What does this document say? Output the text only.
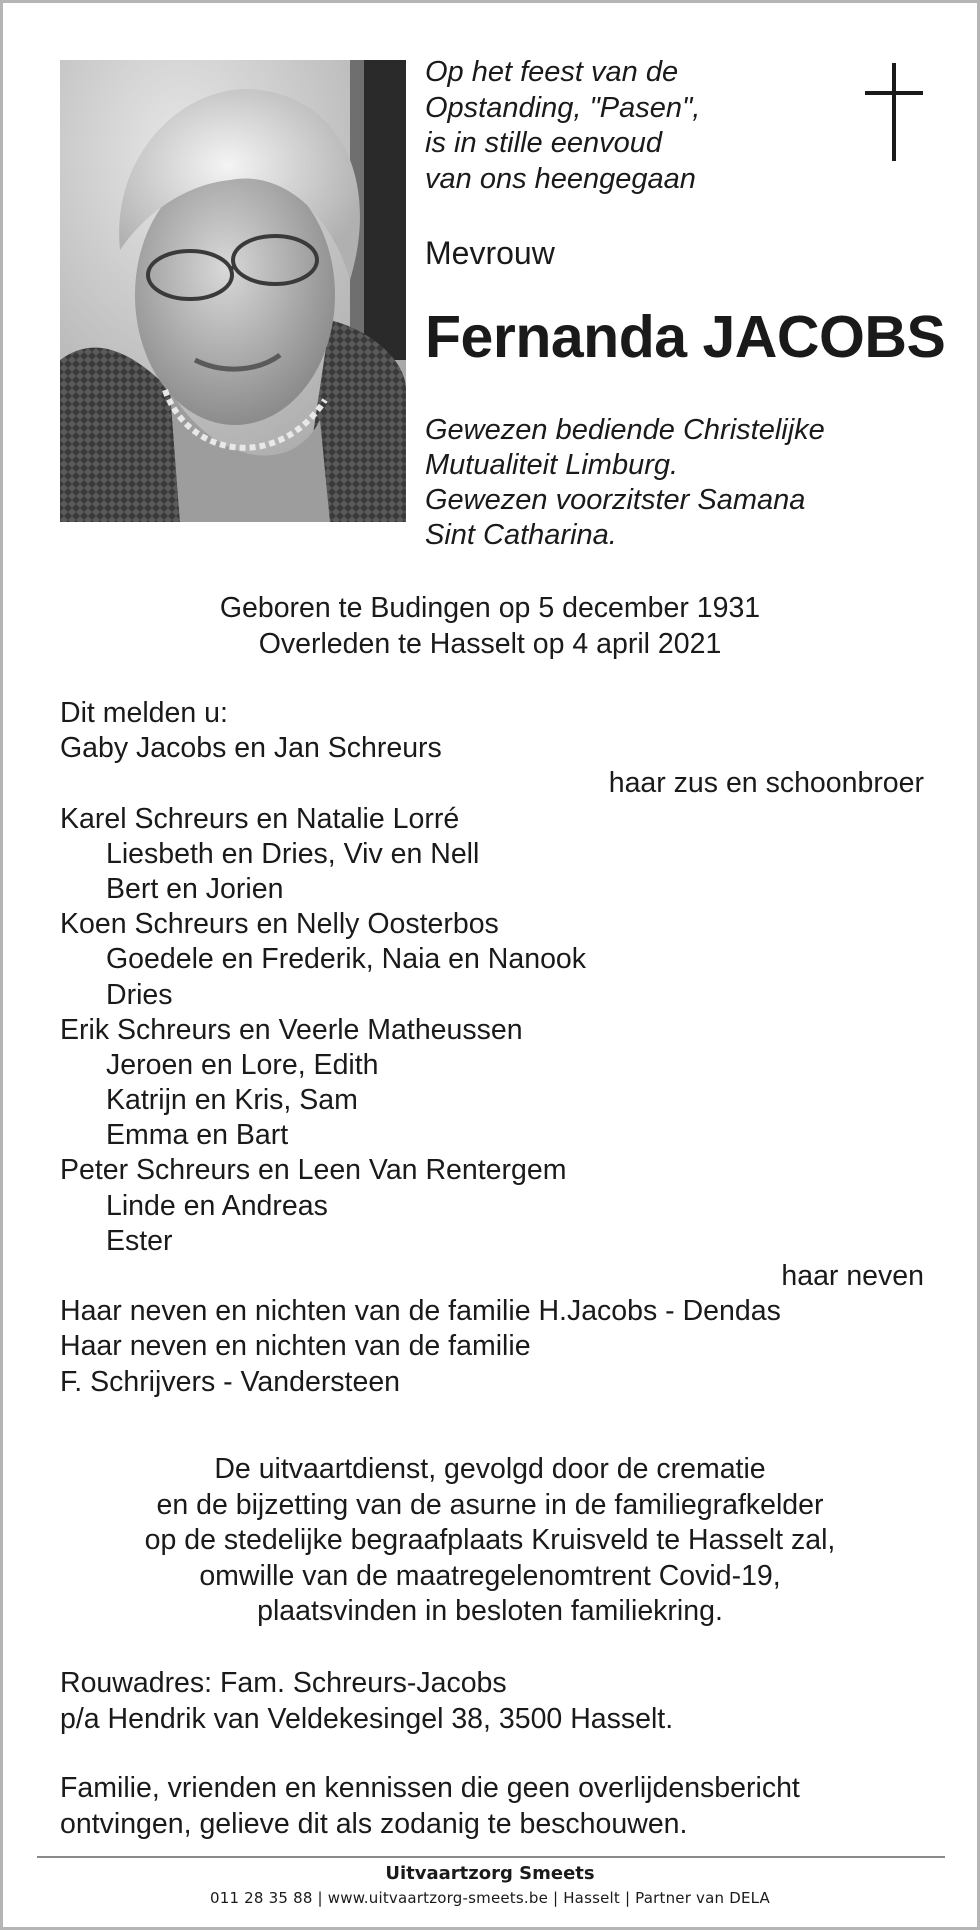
Op het feest van de
Opstanding, "Pasen",
is in stille eenvoud
van ons heengegaan
Mevrouw
Fernanda JACOBS
Gewezen bediende Christelijke
Mutualiteit Limburg.
Gewezen voorzitster Samana
Sint Catharina.
Geboren te Budingen op 5 december 1931
Overleden te Hasselt op 4 april 2021
Dit melden u:
Gaby Jacobs en Jan Schreurs
haar zus en schoonbroer
Karel Schreurs en Natalie Lorré
Liesbeth en Dries, Viv en Nell
Bert en Jorien
Koen Schreurs en Nelly Oosterbos
Goedele en Frederik, Naia en Nanook
Dries
Erik Schreurs en Veerle Matheussen
Jeroen en Lore, Edith
Katrijn en Kris, Sam
Emma en Bart
Peter Schreurs en Leen Van Rentergem
Linde en Andreas
Ester
haar neven
Haar neven en nichten van de familie H.Jacobs - Dendas
Haar neven en nichten van de familie
F. Schrijvers - Vandersteen
De uitvaartdienst, gevolgd door de crematie
en de bijzetting van de asurne in de familiegrafkelder
op de stedelijke begraafplaats Kruisveld te Hasselt zal,
omwille van de maatregelenomtrent Covid-19,
plaatsvinden in besloten familiekring.
Rouwadres: Fam. Schreurs-Jacobs
p/a Hendrik van Veldekesingel 38, 3500 Hasselt.
Familie, vrienden en kennissen die geen overlijdensbericht
ontvingen, gelieve dit als zodanig te beschouwen.
Uitvaartzorg Smeets
011 28 35 88 | www.uitvaartzorg-smeets.be | Hasselt | Partner van DELA
